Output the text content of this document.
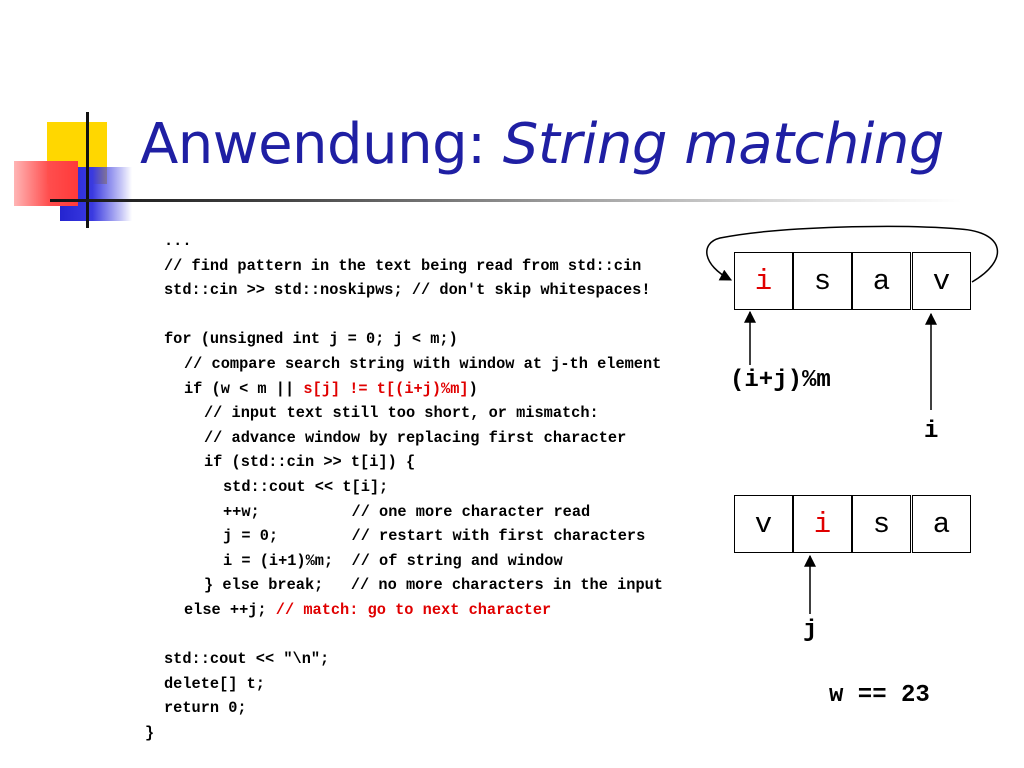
Anwendung: String matching
...
// find pattern in the text being read from std::cin
std::cin >> std::noskipws; // don't skip whitespaces!
for (unsigned int j = 0; j < m;)
// compare search string with window at j-th element
if (w < m || s[j] != t[(i+j)%m])
// input text still too short, or mismatch:
// advance window by replacing first character
if (std::cin >> t[i]) {
std::cout << t[i];
++w;          // one more character read
j = 0;        // restart with first characters
i = (i+1)%m;  // of string and window
} else break;   // no more characters in the input
else ++j; // match: go to next character
std::cout << "\n";
delete[] t;
return 0;
}
i s a v
(i+j)%m
i
v i s a
j
w == 23
